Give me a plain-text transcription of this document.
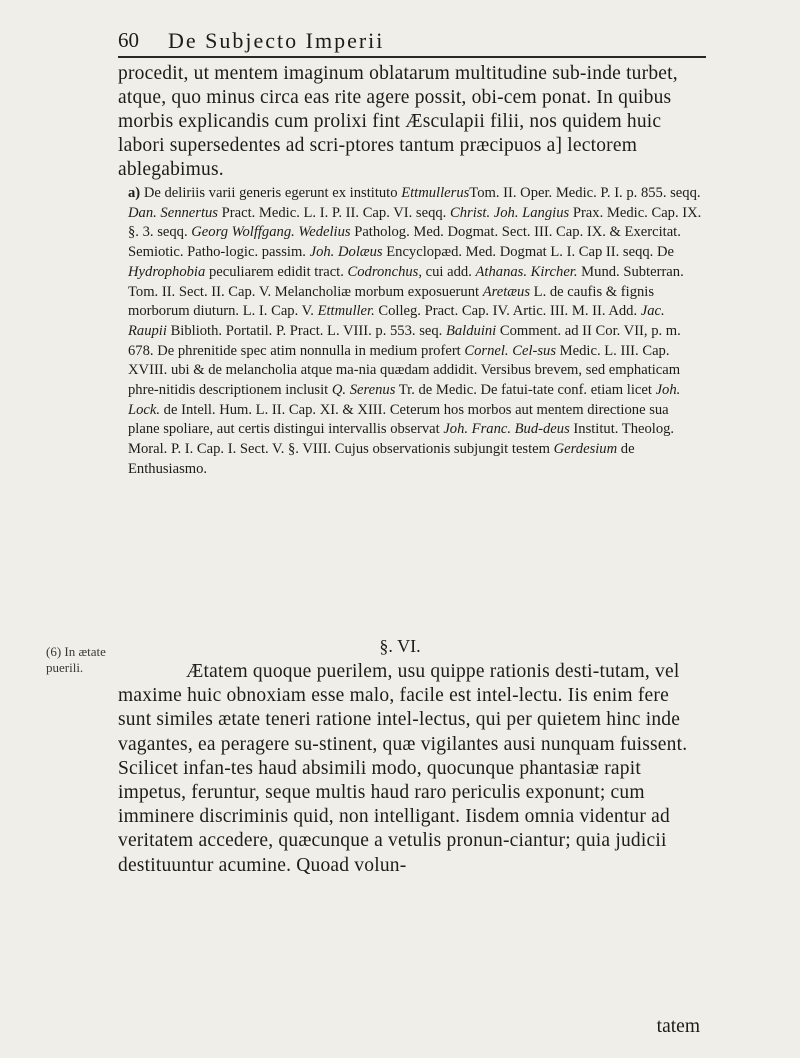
60 De Subjecto Imperii

procedit, ut mentem imaginum oblatarum multitudine sub-inde turbet, atque, quo minus circa eas rite agere possit, obi-cem ponat. In quibus morbis explicandis cum prolixi fint Æsculapii filii, nos quidem huic labori supersedentes ad scri-ptores tantum præcipuos a] lectorem ablegabimus.

a) De deliriis varii generis egerunt ex instituto EttmullerusTom. II. Oper. Medic. P. I. p. 855. seqq. Dan. Sennertus Pract. Medic. L. I. P. II. Cap. VI. seqq. Christ. Joh. Langius Prax. Medic. Cap. IX. §. 3. seqq. Georg Wolffgang. Wedelius Patholog. Med. Dogmat. Sect. III. Cap. IX. & Exercitat. Semiotic. Patho-logic. passim. Joh. Dolæus Encyclopæd. Med. Dogmat L. I. Cap II. seqq. De Hydrophobia peculiarem edidit tract. Codronchus, cui add. Athanas. Kircher. Mund. Subterran. Tom. II. Sect. II. Cap. V. Melancholiæ morbum exposuerunt Aretæus L. de caufis & fignis morborum diuturn. L. I. Cap. V. Ettmuller. Colleg. Pract. Cap. IV. Artic. III. M. II. Add. Jac. Raupii Biblioth. Portatil. P. Pract. L. VIII. p. 553. seq. Balduini Comment. ad II Cor. VII, p. m. 678. De phrenitide spec atim nonnulla in medium profert Cornel. Cel-sus Medic. L. III. Cap. XVIII. ubi & de melancholia atque ma-nia quædam addidit. Versibus brevem, sed emphaticam phre-nitidis descriptionem inclusit Q. Serenus Tr. de Medic. De fatui-tate conf. etiam licet Joh. Lock. de Intell. Hum. L. II. Cap. XI. & XIII. Ceterum hos morbos aut mentem directione sua plane spoliare, aut certis distingui intervallis observat Joh. Franc. Bud-deus Institut. Theolog. Moral. P. I. Cap. I. Sect. V. §. VIII. Cujus observationis subjungit testem Gerdesium de Enthusiasmo.

(6) In ætate puerili.

§. VI.

Ætatem quoque puerilem, usu quippe rationis desti-tutam, vel maxime huic obnoxiam esse malo, facile est intel-lectu. Iis enim fere sunt similes ætate teneri ratione intel-lectus, qui per quietem hinc inde vagantes, ea peragere su-stinent, quæ vigilantes ausi nunquam fuissent. Scilicet infan-tes haud absimili modo, quocunque phantasiæ rapit impetus, feruntur, seque multis haud raro periculis exponunt; cum imminere discriminis quid, non intelligant. Iisdem omnia videntur ad veritatem accedere, quæcunque a vetulis pronun-ciantur; quia judicii destituuntur acumine. Quoad volun-

tatem
